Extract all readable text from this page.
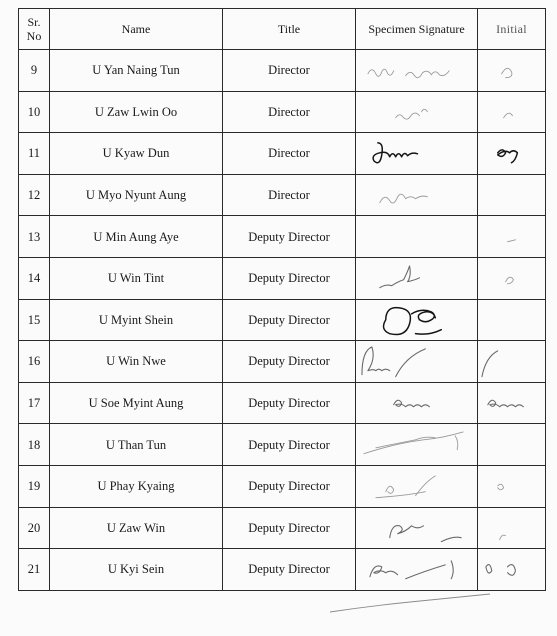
Sr.
No	Name	Title	Specimen Signature	Initial
9	U Yan Naing Tun	Director	

10	U Zaw Lwin Oo	Director	

11	U Kyaw Dun	Director	

12	U Myo Nyunt Aung	Director	

13	U Min Aung Aye	Deputy Director		

14	U Win Tint	Deputy Director	

15	U Myint Shein	Deputy Director	

16	U Win Nwe	Deputy Director	

17	U Soe Myint Aung	Deputy Director	

18	U Than Tun	Deputy Director	

19	U Phay Kyaing	Deputy Director	

20	U Zaw Win	Deputy Director	

21	U Kyi Sein	Deputy Director	
